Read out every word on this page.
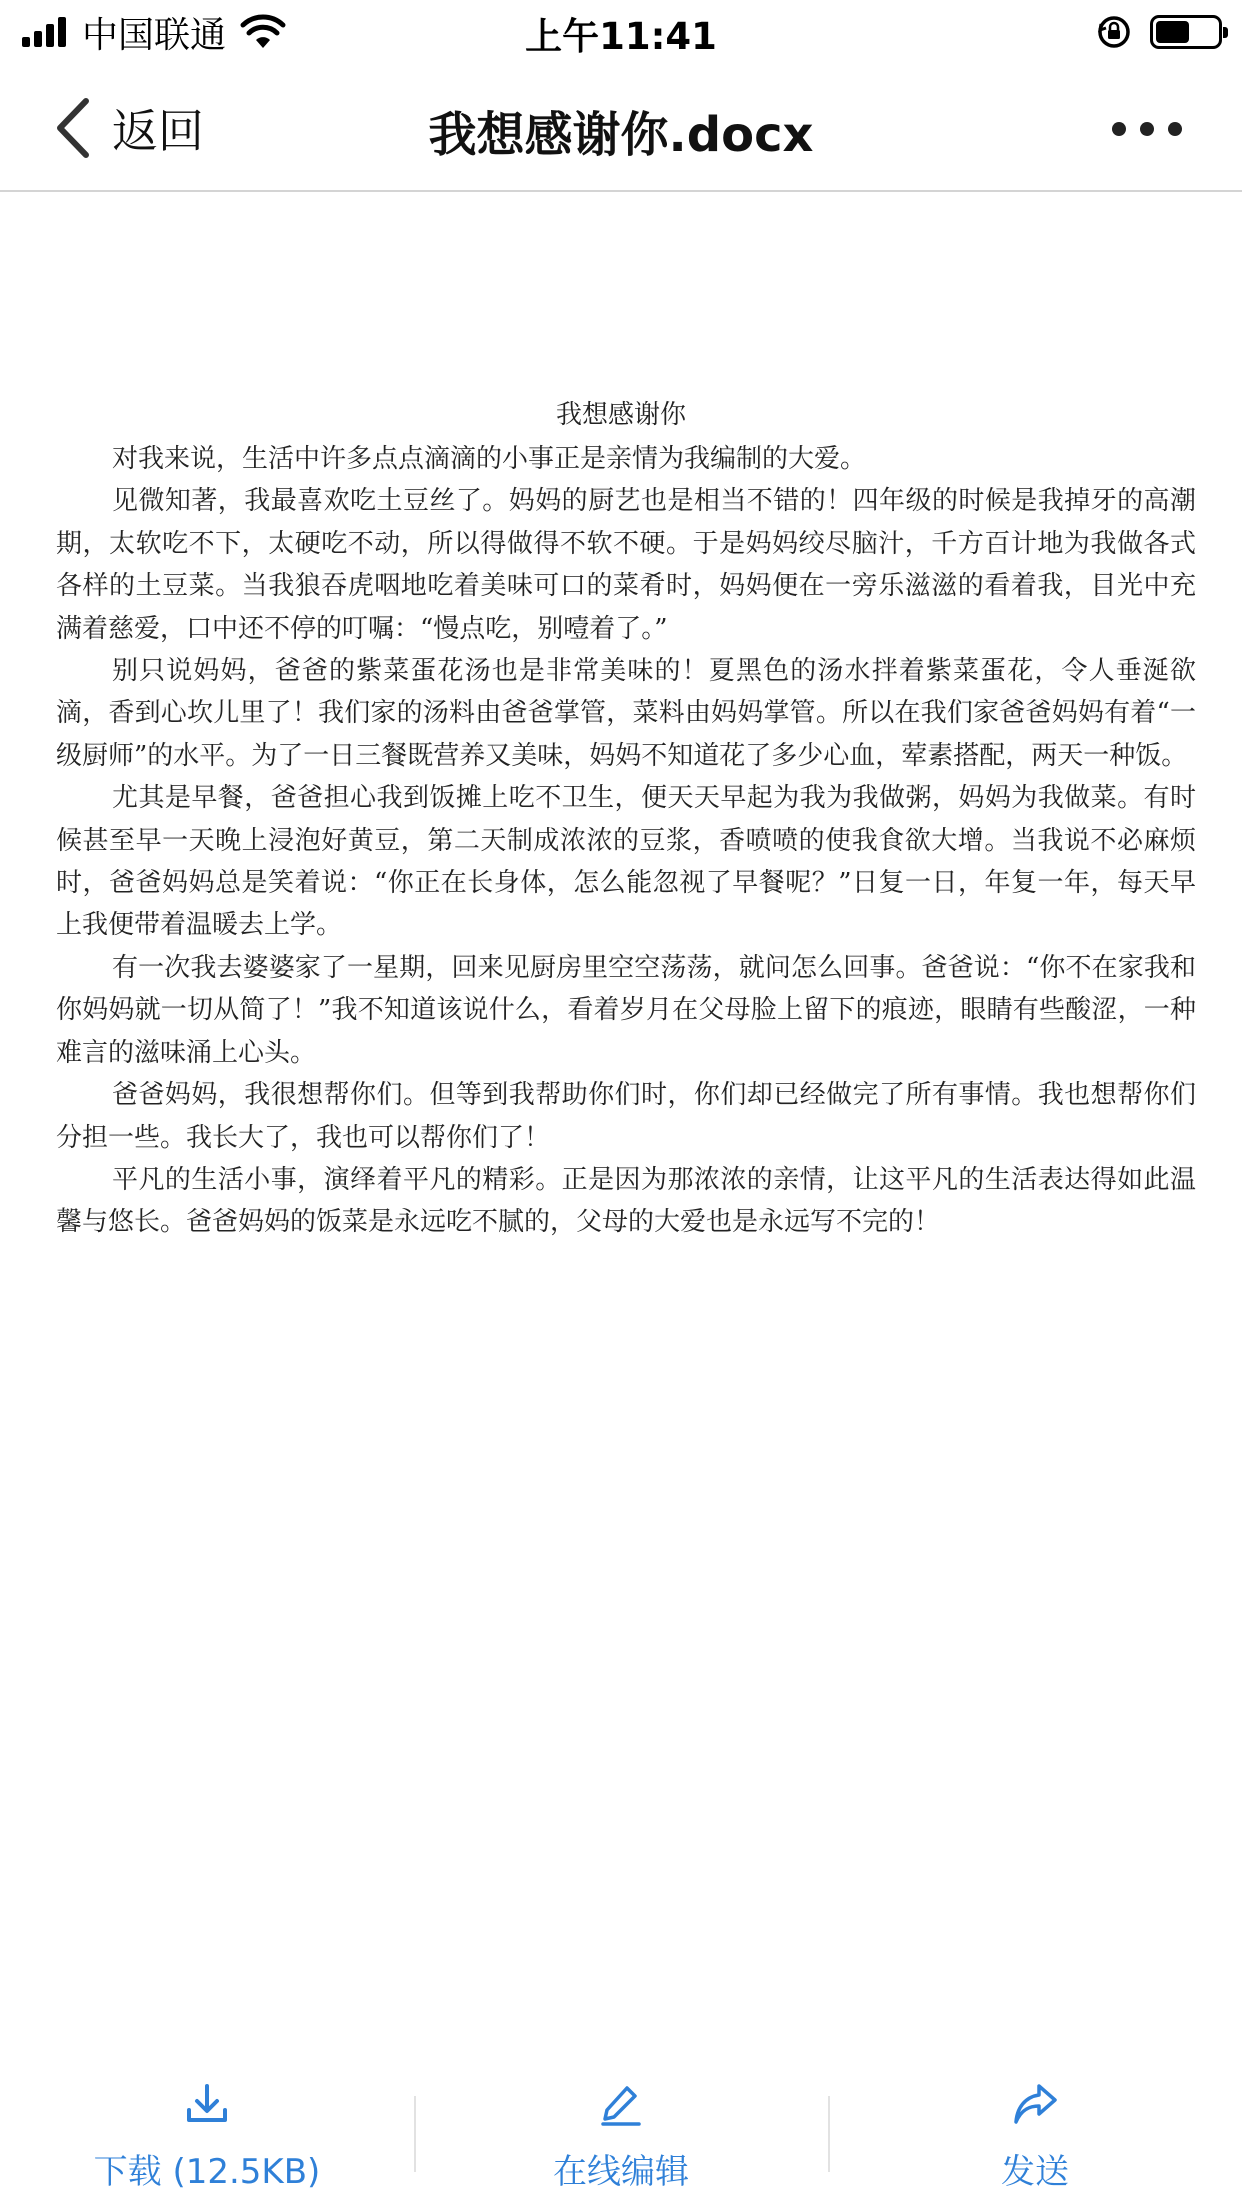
中国联通	上午11:41
返回	我想感谢你.docx
我想感谢你

对我来说，生活中许多点点滴滴的小事正是亲情为我编制的大爱。

见微知著，我最喜欢吃土豆丝了。妈妈的厨艺也是相当不错的！四年级的时候是我掉牙的高潮期，太软吃不下，太硬吃不动，所以得做得不软不硬。于是妈妈绞尽脑汁，千方百计地为我做各式各样的土豆菜。当我狼吞虎咽地吃着美味可口的菜肴时，妈妈便在一旁乐滋滋的看着我，目光中充满着慈爱，口中还不停的叮嘱：“慢点吃，别噎着了。”

别只说妈妈，爸爸的紫菜蛋花汤也是非常美味的！夏黑色的汤水拌着紫菜蛋花，令人垂涎欲滴，香到心坎儿里了！我们家的汤料由爸爸掌管，菜料由妈妈掌管。所以在我们家爸爸妈妈有着“一级厨师”的水平。为了一日三餐既营养又美味，妈妈不知道花了多少心血，荤素搭配，两天一种饭。

尤其是早餐，爸爸担心我到饭摊上吃不卫生，便天天早起为我为我做粥，妈妈为我做菜。有时候甚至早一天晚上浸泡好黄豆，第二天制成浓浓的豆浆，香喷喷的使我食欲大增。当我说不必麻烦时，爸爸妈妈总是笑着说：“你正在长身体，怎么能忽视了早餐呢？”日复一日，年复一年，每天早上我便带着温暖去上学。

有一次我去婆婆家了一星期，回来见厨房里空空荡荡，就问怎么回事。爸爸说：“你不在家我和你妈妈就一切从简了！”我不知道该说什么，看着岁月在父母脸上留下的痕迹，眼睛有些酸涩，一种难言的滋味涌上心头。

爸爸妈妈，我很想帮你们。但等到我帮助你们时，你们却已经做完了所有事情。我也想帮你们分担一些。我长大了，我也可以帮你们了！

平凡的生活小事，演绎着平凡的精彩。正是因为那浓浓的亲情，让这平凡的生活表达得如此温馨与悠长。爸爸妈妈的饭菜是永远吃不腻的，父母的大爱也是永远写不完的！

下载 (12.5KB)	在线编辑	发送
